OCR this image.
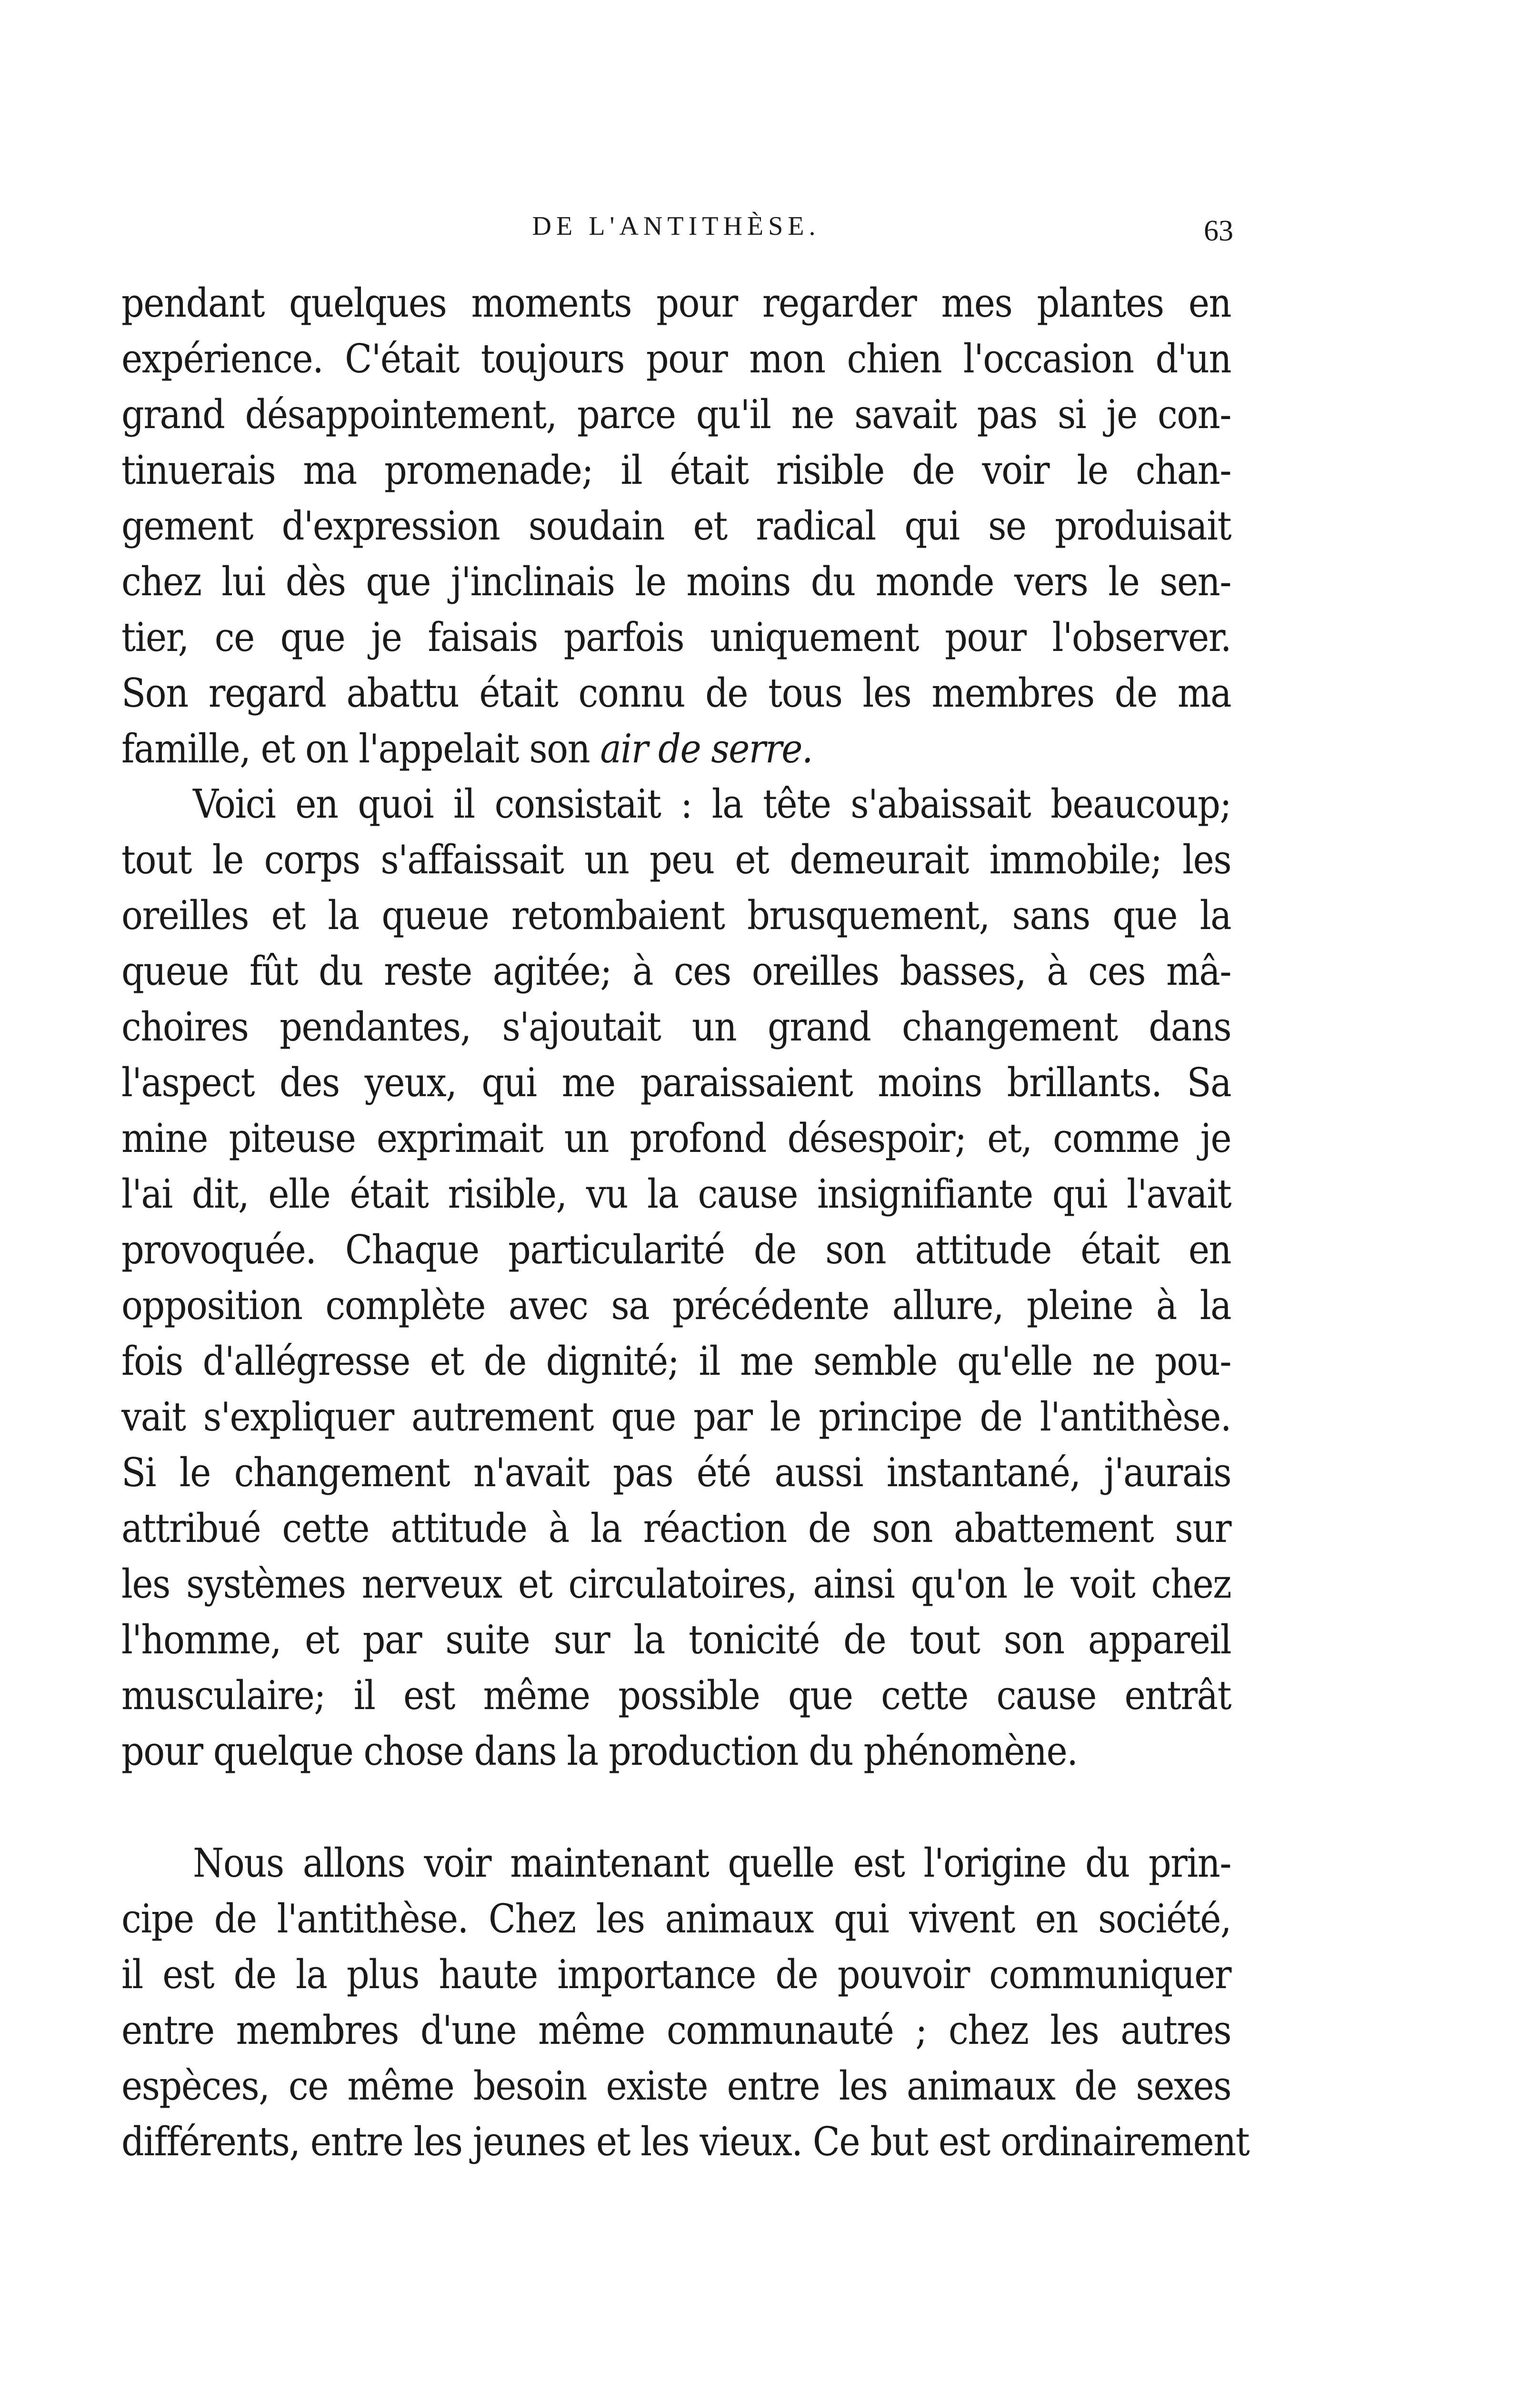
DE L'ANTITHÈSE.	63
pendant quelques moments pour regarder mes plantes en
expérience. C'était toujours pour mon chien l'occasion d'un
grand désappointement, parce qu'il ne savait pas si je con-
tinuerais ma promenade; il était risible de voir le chan-
gement d'expression soudain et radical qui se produisait
chez lui dès que j'inclinais le moins du monde vers le sen-
tier, ce que je faisais parfois uniquement pour l'observer.
Son regard abattu était connu de tous les membres de ma
famille, et on l'appelait son air de serre.
Voici en quoi il consistait : la tête s'abaissait beaucoup;
tout le corps s'affaissait un peu et demeurait immobile; les
oreilles et la queue retombaient brusquement, sans que la
queue fût du reste agitée; à ces oreilles basses, à ces mâ-
choires pendantes, s'ajoutait un grand changement dans
l'aspect des yeux, qui me paraissaient moins brillants. Sa
mine piteuse exprimait un profond désespoir; et, comme je
l'ai dit, elle était risible, vu la cause insignifiante qui l'avait
provoquée. Chaque particularité de son attitude était en
opposition complète avec sa précédente allure, pleine à la
fois d'allégresse et de dignité; il me semble qu'elle ne pou-
vait s'expliquer autrement que par le principe de l'antithèse.
Si le changement n'avait pas été aussi instantané, j'aurais
attribué cette attitude à la réaction de son abattement sur
les systèmes nerveux et circulatoires, ainsi qu'on le voit chez
l'homme, et par suite sur la tonicité de tout son appareil
musculaire; il est même possible que cette cause entrât
pour quelque chose dans la production du phénomène.
Nous allons voir maintenant quelle est l'origine du prin-
cipe de l'antithèse. Chez les animaux qui vivent en société,
il est de la plus haute importance de pouvoir communiquer
entre membres d'une même communauté ; chez les autres
espèces, ce même besoin existe entre les animaux de sexes
différents, entre les jeunes et les vieux. Ce but est ordinairement
